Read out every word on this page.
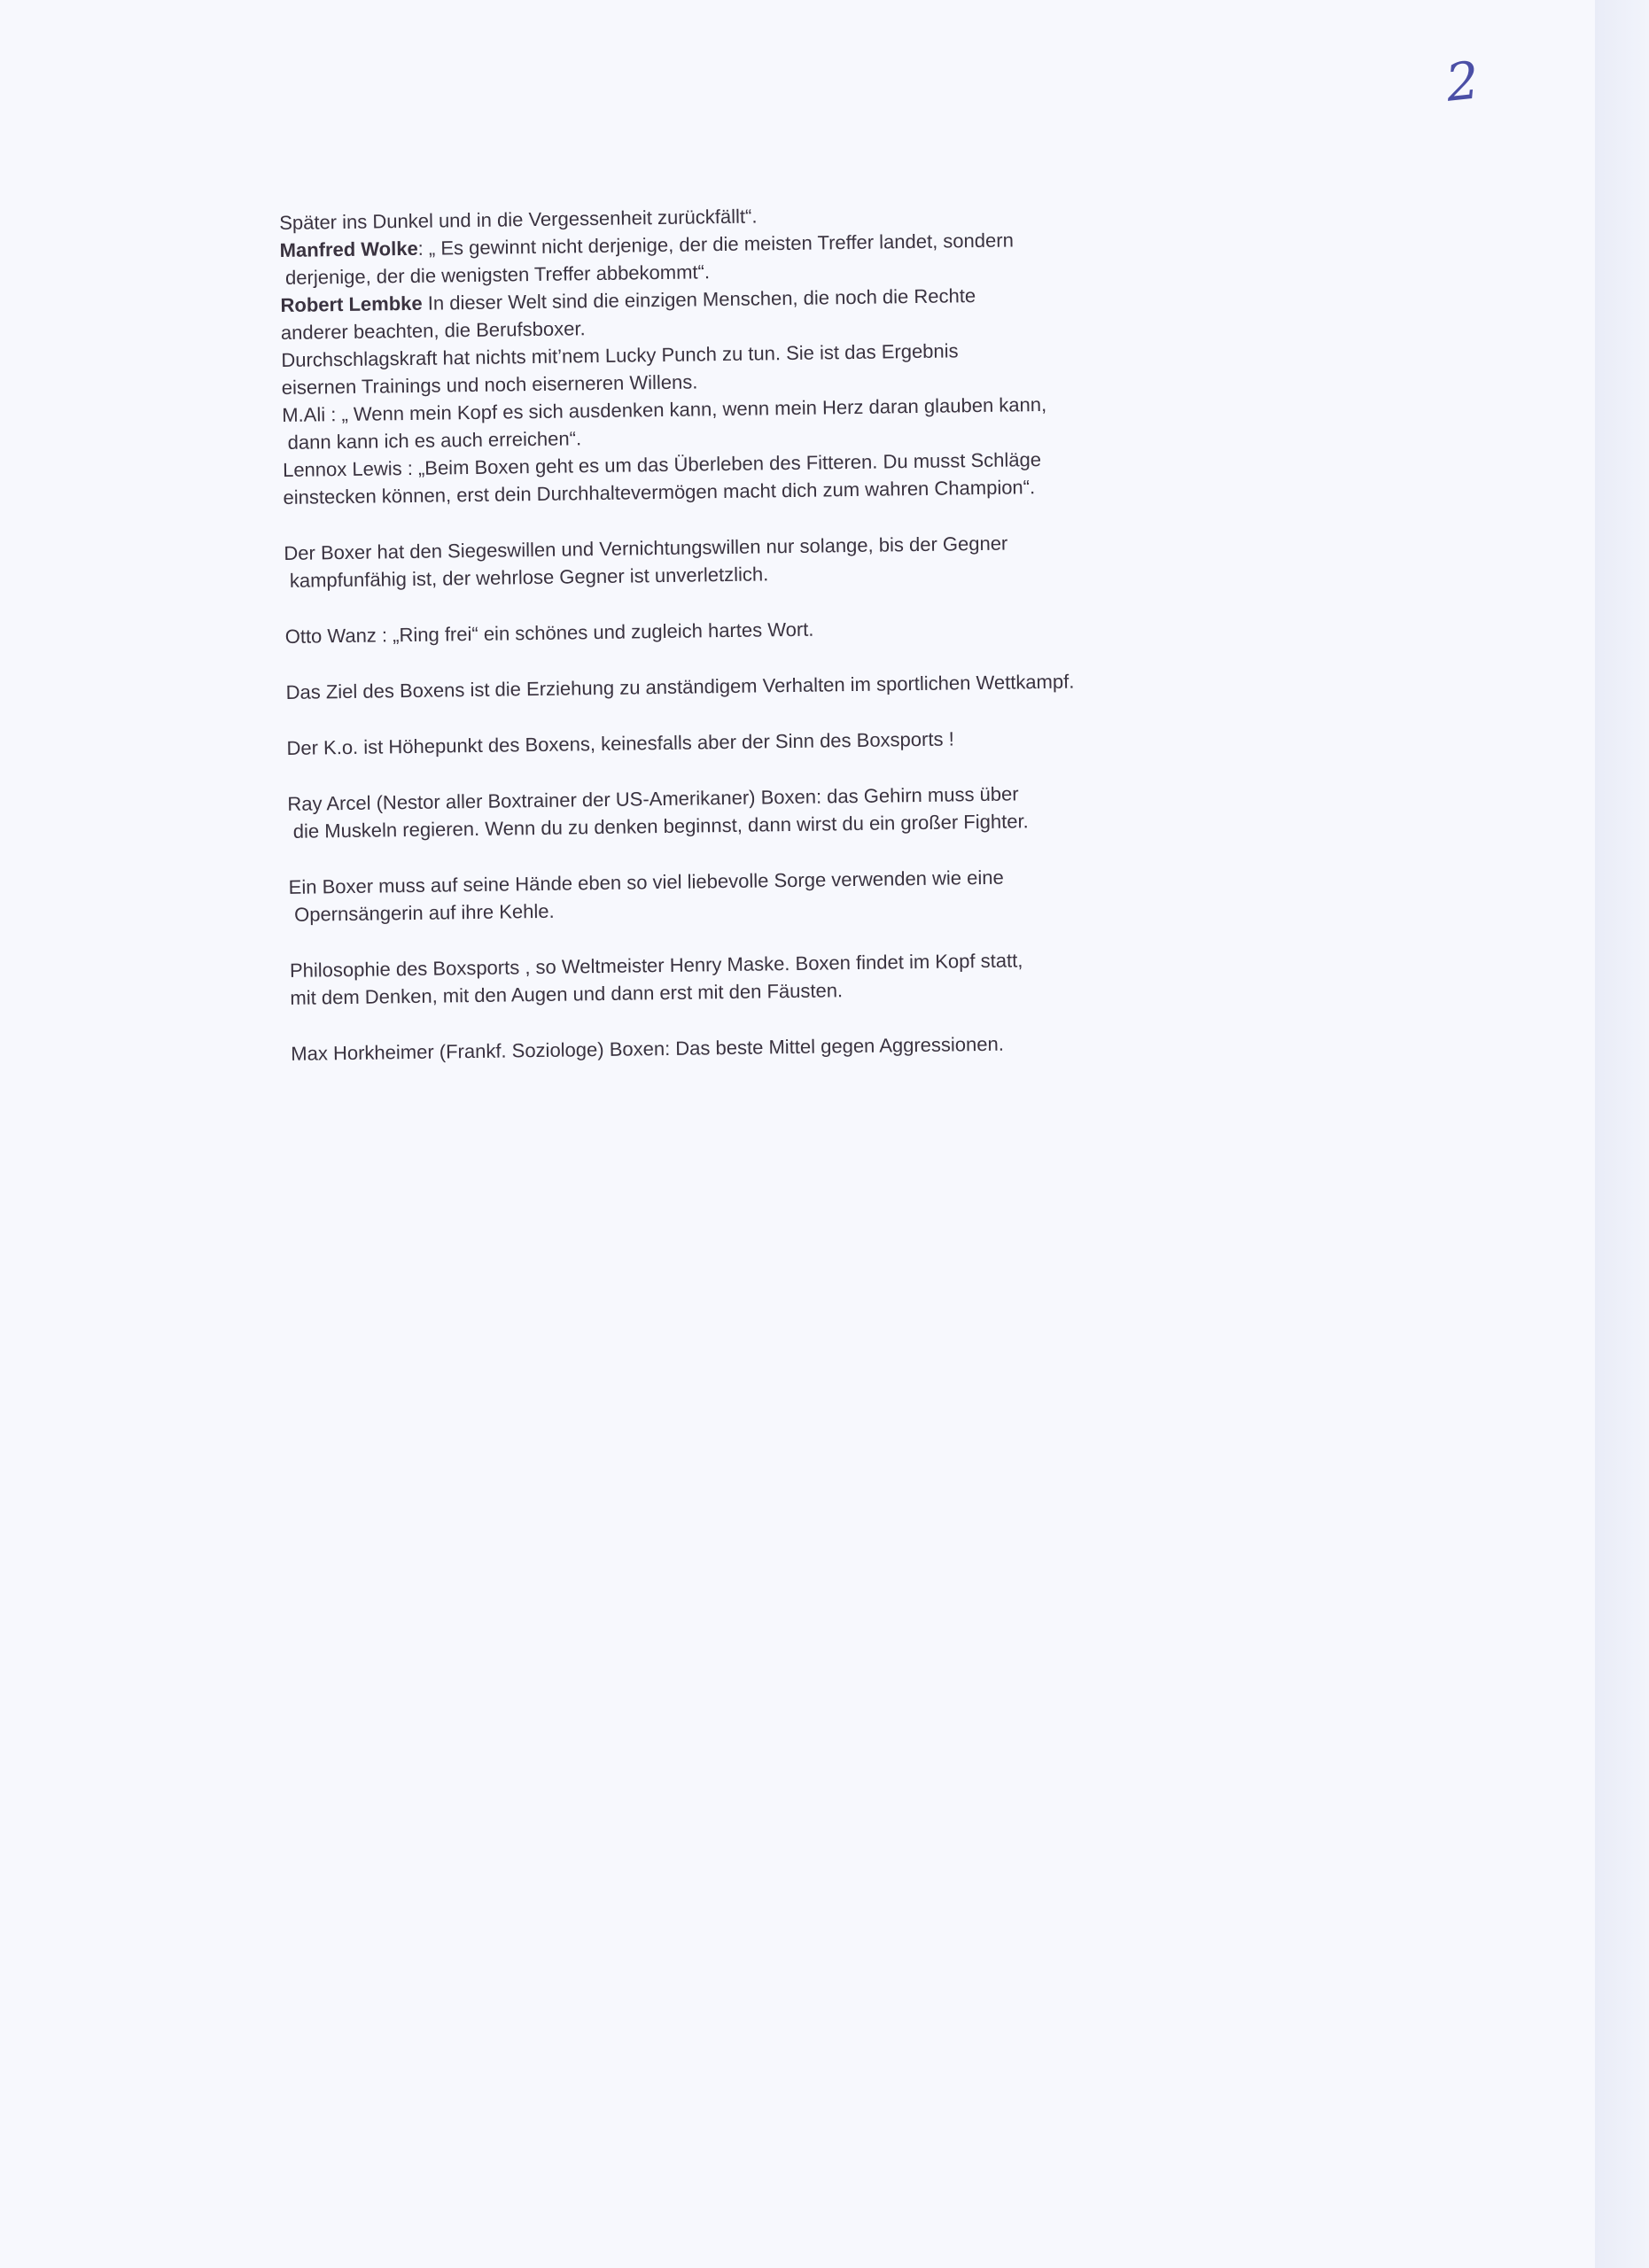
2

Später ins Dunkel und in die Vergessenheit zurückfällt“.

Manfred Wolke: „ Es gewinnt nicht derjenige, der die meisten Treffer landet, sondern

derjenige, der die wenigsten Treffer abbekommt“.

Robert Lembke In dieser Welt sind die einzigen Menschen, die noch die Rechte

anderer beachten, die Berufsboxer.

Durchschlagskraft hat nichts mit’nem Lucky Punch zu tun. Sie ist das Ergebnis

eisernen Trainings und noch eiserneren Willens.

M.Ali : „ Wenn mein Kopf es sich ausdenken kann, wenn mein Herz daran glauben kann,

dann kann ich es auch erreichen“.

Lennox Lewis : „Beim Boxen geht es um das Überleben des Fitteren. Du musst Schläge

einstecken können, erst dein Durchhaltevermögen macht dich zum wahren Champion“.

Der Boxer hat den Siegeswillen und Vernichtungswillen nur solange, bis der Gegner

kampfunfähig ist, der wehrlose Gegner ist unverletzlich.

Otto Wanz : „Ring frei“ ein schönes und zugleich hartes Wort.

Das Ziel des Boxens ist die Erziehung zu anständigem Verhalten im sportlichen Wettkampf.

Der K.o. ist Höhepunkt des Boxens, keinesfalls aber der Sinn des Boxsports !

Ray Arcel (Nestor aller Boxtrainer der US-Amerikaner) Boxen: das Gehirn muss über

die Muskeln regieren. Wenn du zu denken beginnst, dann wirst du ein großer Fighter.

Ein Boxer muss auf seine Hände eben so viel liebevolle Sorge verwenden wie eine

Opernsängerin auf ihre Kehle.

Philosophie des Boxsports , so Weltmeister Henry Maske. Boxen findet im Kopf statt,

mit dem Denken, mit den Augen und dann erst mit den Fäusten.

Max Horkheimer (Frankf. Soziologe) Boxen: Das beste Mittel gegen Aggressionen.
